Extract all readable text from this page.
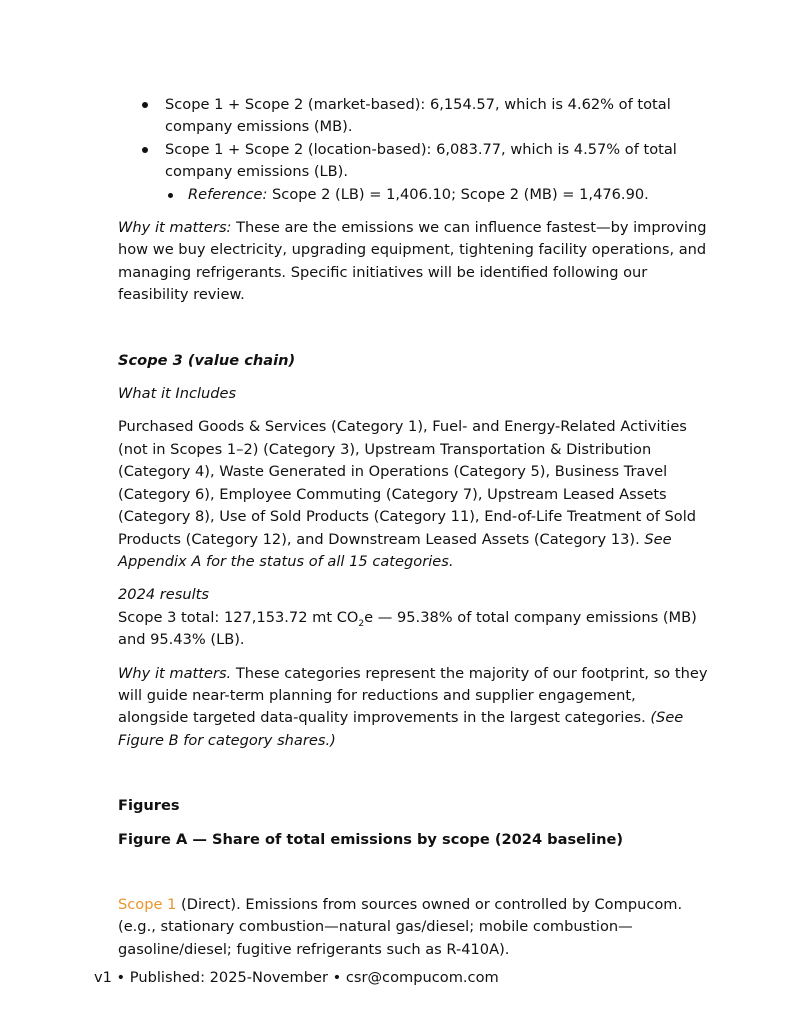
Scope 1 + Scope 2 (market-based): 6,154.57, which is 4.62% of total company emissions (MB).
Scope 1 + Scope 2 (location-based): 6,083.77, which is 4.57% of total company emissions (LB).
Reference: Scope 2 (LB) = 1,406.10; Scope 2 (MB) = 1,476.90.

Why it matters: These are the emissions we can influence fastest—by improving how we buy electricity, upgrading equipment, tightening facility operations, and managing refrigerants. Specific initiatives will be identified following our feasibility review.

Scope 3 (value chain)

What it Includes

Purchased Goods & Services (Category 1), Fuel- and Energy-Related Activities (not in Scopes 1–2) (Category 3), Upstream Transportation & Distribution (Category 4), Waste Generated in Operations (Category 5), Business Travel (Category 6), Employee Commuting (Category 7), Upstream Leased Assets (Category 8), Use of Sold Products (Category 11), End-of-Life Treatment of Sold Products (Category 12), and Downstream Leased Assets (Category 13). See Appendix A for the status of all 15 categories.

2024 results

Scope 3 total: 127,153.72 mt $CO_2e$ — 95.38% of total company emissions (MB) and 95.43% (LB).

Why it matters. These categories represent the majority of our footprint, so they will guide near-term planning for reductions and supplier engagement, alongside targeted data-quality improvements in the largest categories. (See Figure B for category shares.)

Figures

Figure A — Share of total emissions by scope (2024 baseline)

Scope 1 (Direct). Emissions from sources owned or controlled by Compucom. (e.g., stationary combustion—natural gas/diesel; mobile combustion—gasoline/diesel; fugitive refrigerants such as R-410A).

v1 • Published: 2025-November • csr@compucom.com
